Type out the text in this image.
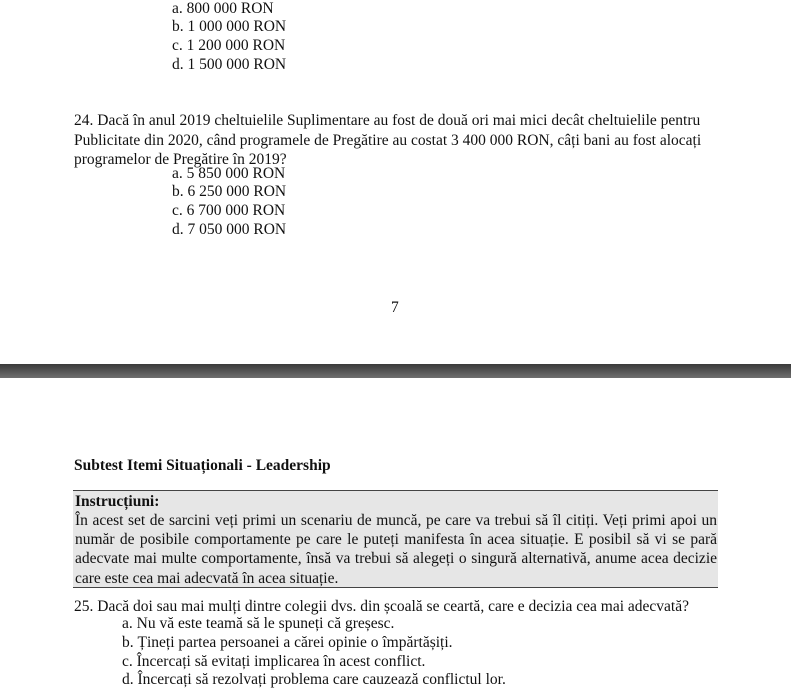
a. 800 000 RON
b. 1 000 000 RON
c. 1 200 000 RON
d. 1 500 000 RON
24. Dacă în anul 2019 cheltuielile Suplimentare au fost de două ori mai mici decât cheltuielile pentru Publicitate din 2020, când programele de Pregătire au costat 3 400 000 RON, câți bani au fost alocați programelor de Pregătire în 2019?
a. 5 850 000 RON
b. 6 250 000 RON
c. 6 700 000 RON
d. 7 050 000 RON
7
Subtest Itemi Situaționali - Leadership
Instrucțiuni:
În acest set de sarcini veți primi un scenariu de muncă, pe care va trebui să îl citiți. Veți primi apoi un număr de posibile comportamente pe care le puteți manifesta în acea situație. E posibil să vi se pară adecvate mai multe comportamente, însă va trebui să alegeți o singură alternativă, anume acea decizie care este cea mai adecvată în acea situație.
25. Dacă doi sau mai mulți dintre colegii dvs. din școală se ceartă, care e decizia cea mai adecvată?
a. Nu vă este teamă să le spuneți că greșesc.
b. Țineți partea persoanei a cărei opinie o împărtășiți.
c. Încercați să evitați implicarea în acest conflict.
d. Încercați să rezolvați problema care cauzează conflictul lor.
